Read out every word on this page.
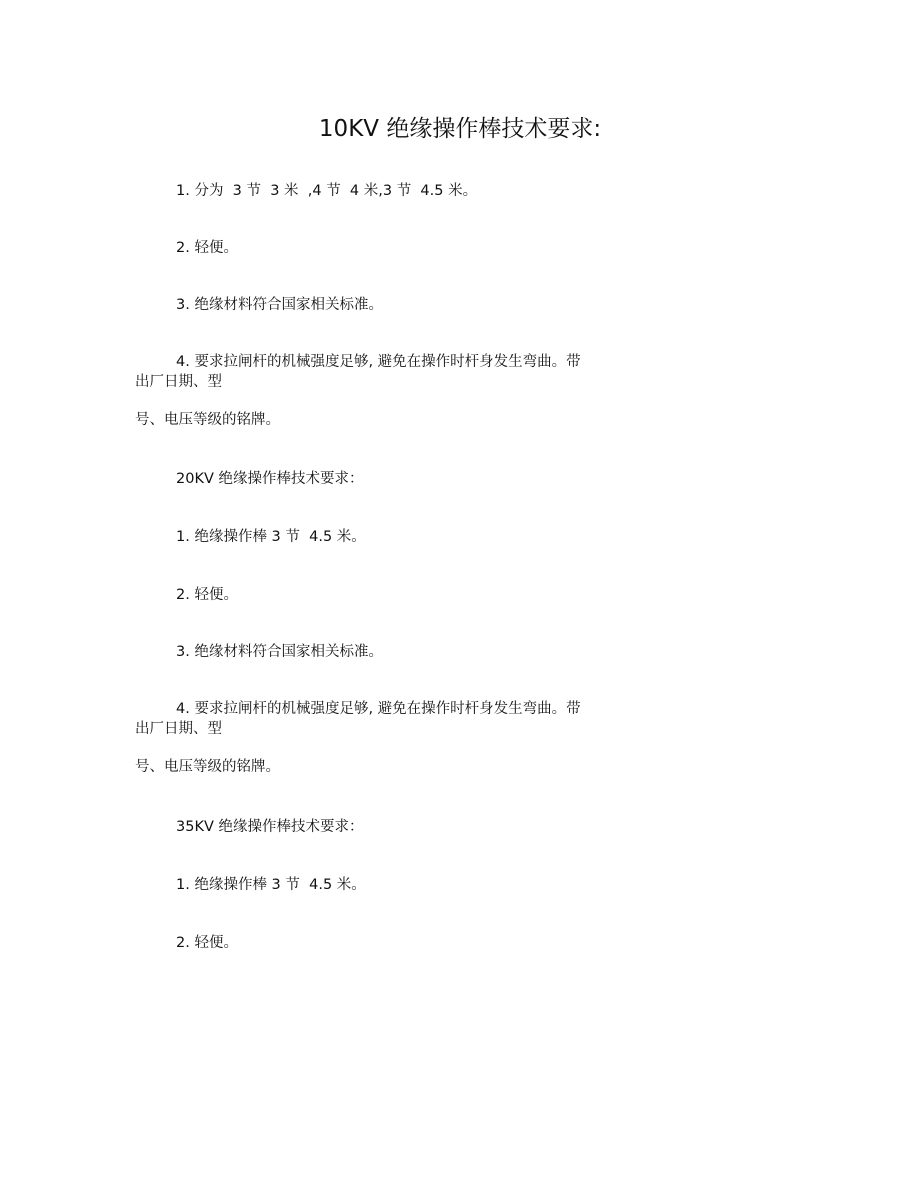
10KV 绝缘操作棒技术要求:
1. 分为  3 节  3 米  ,4 节  4 米,3 节  4.5 米。
2. 轻便。
3. 绝缘材料符合国家相关标准。
4. 要求拉闸杆的机械强度足够, 避免在操作时杆身发生弯曲。带
出厂日期、型
号、电压等级的铭牌。
20KV 绝缘操作棒技术要求：
1. 绝缘操作棒 3 节  4.5 米。
2. 轻便。
3. 绝缘材料符合国家相关标准。
4. 要求拉闸杆的机械强度足够, 避免在操作时杆身发生弯曲。带
出厂日期、型
号、电压等级的铭牌。
35KV 绝缘操作棒技术要求：
1. 绝缘操作棒 3 节  4.5 米。
2. 轻便。
